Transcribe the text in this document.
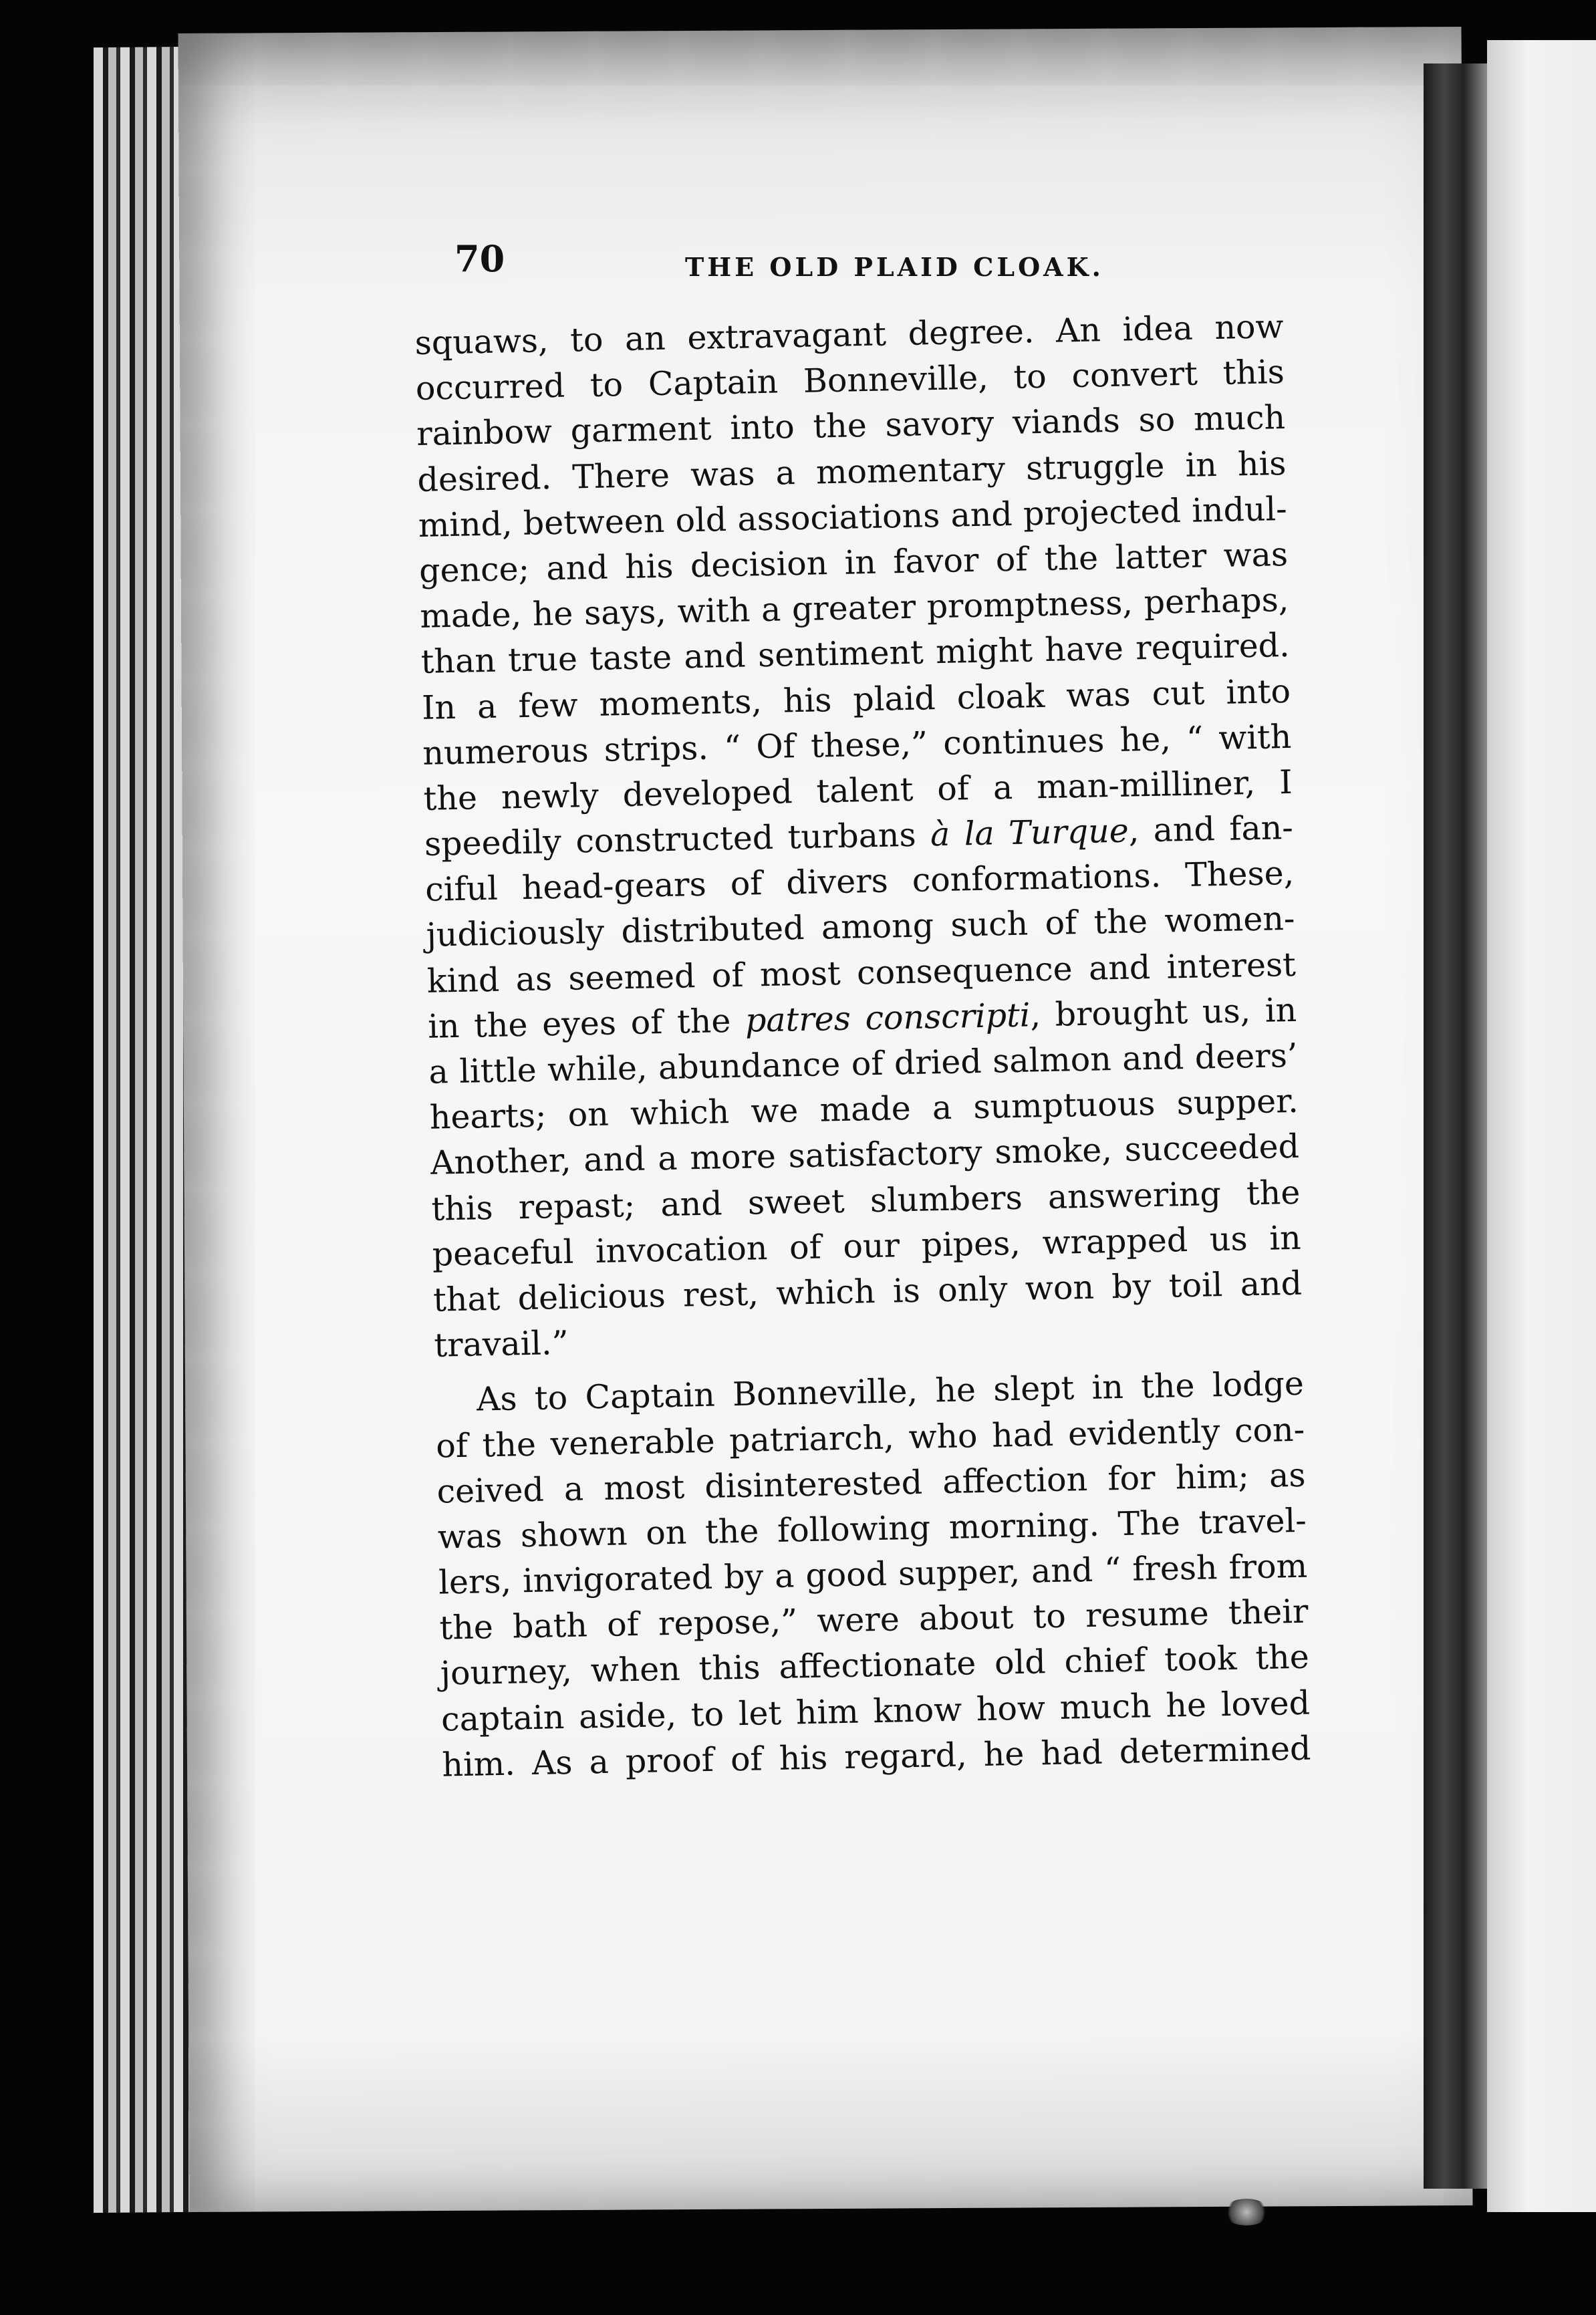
70	THE OLD PLAID CLOAK.
squaws, to an extravagant degree. An idea now
occurred to Captain Bonneville, to convert this
rainbow garment into the savory viands so much
desired. There was a momentary struggle in his
mind, between old associations and projected indul-
gence; and his decision in favor of the latter was
made, he says, with a greater promptness, perhaps,
than true taste and sentiment might have required.
In a few moments, his plaid cloak was cut into
numerous strips. “ Of these,” continues he, “ with
the newly developed talent of a man-milliner, I
speedily constructed turbans à la Turque, and fan-
ciful head-gears of divers conformations. These,
judiciously distributed among such of the women-
kind as seemed of most consequence and interest
in the eyes of the patres conscripti, brought us, in
a little while, abundance of dried salmon and deers’
hearts; on which we made a sumptuous supper.
Another, and a more satisfactory smoke, succeeded
this repast; and sweet slumbers answering the
peaceful invocation of our pipes, wrapped us in
that delicious rest, which is only won by toil and
travail.”
As to Captain Bonneville, he slept in the lodge
of the venerable patriarch, who had evidently con-
ceived a most disinterested affection for him; as
was shown on the following morning. The travel-
lers, invigorated by a good supper, and “ fresh from
the bath of repose,” were about to resume their
journey, when this affectionate old chief took the
captain aside, to let him know how much he loved
him. As a proof of his regard, he had determined
